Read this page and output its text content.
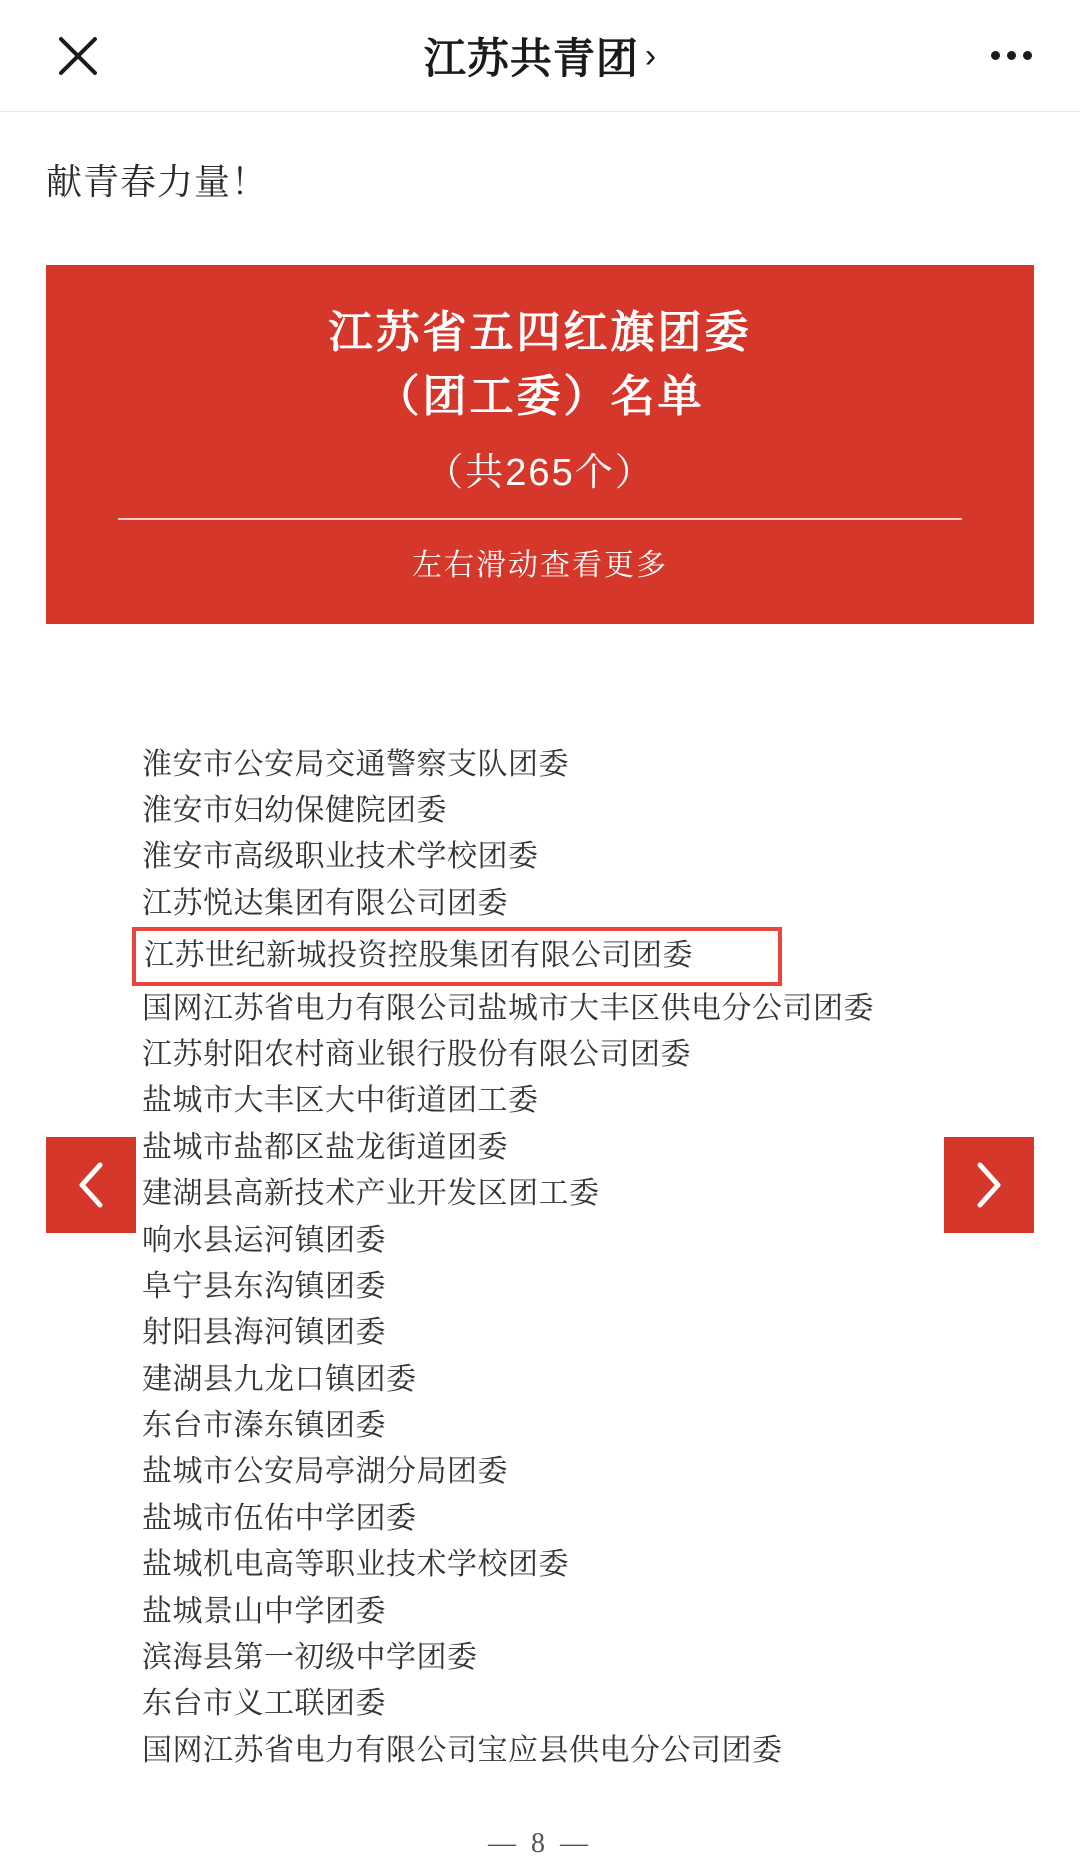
江苏共青团 ›
献青春力量！
江苏省五四红旗团委
（团工委）名单
（共265个）
左右滑动查看更多
淮安市公安局交通警察支队团委
淮安市妇幼保健院团委
淮安市高级职业技术学校团委
江苏悦达集团有限公司团委
江苏世纪新城投资控股集团有限公司团委
国网江苏省电力有限公司盐城市大丰区供电分公司团委
江苏射阳农村商业银行股份有限公司团委
盐城市大丰区大中街道团工委
盐城市盐都区盐龙街道团委
建湖县高新技术产业开发区团工委
响水县运河镇团委
阜宁县东沟镇团委
射阳县海河镇团委
建湖县九龙口镇团委
东台市溱东镇团委
盐城市公安局亭湖分局团委
盐城市伍佑中学团委
盐城机电高等职业技术学校团委
盐城景山中学团委
滨海县第一初级中学团委
东台市义工联团委
国网江苏省电力有限公司宝应县供电分公司团委
— 8 —
